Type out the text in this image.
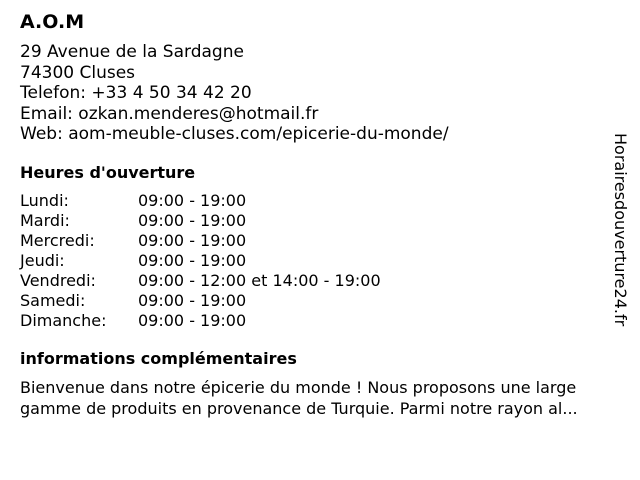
A.O.M
29 Avenue de la Sardagne
74300 Cluses
Telefon: +33 4 50 34 42 20
Email: ozkan.menderes@hotmail.fr
Web: aom-meuble-cluses.com/epicerie-du-monde/
Heures d'ouverture
Lundi:	09:00 - 19:00
Mardi:	09:00 - 19:00
Mercredi:	09:00 - 19:00
Jeudi:	09:00 - 19:00
Vendredi:	09:00 - 12:00 et 14:00 - 19:00
Samedi:	09:00 - 19:00
Dimanche:	09:00 - 19:00
informations complémentaires
Bienvenue dans notre épicerie du monde ! Nous proposons une large
gamme de produits en provenance de Turquie. Parmi notre rayon al...
Horairesdouverture24.fr
